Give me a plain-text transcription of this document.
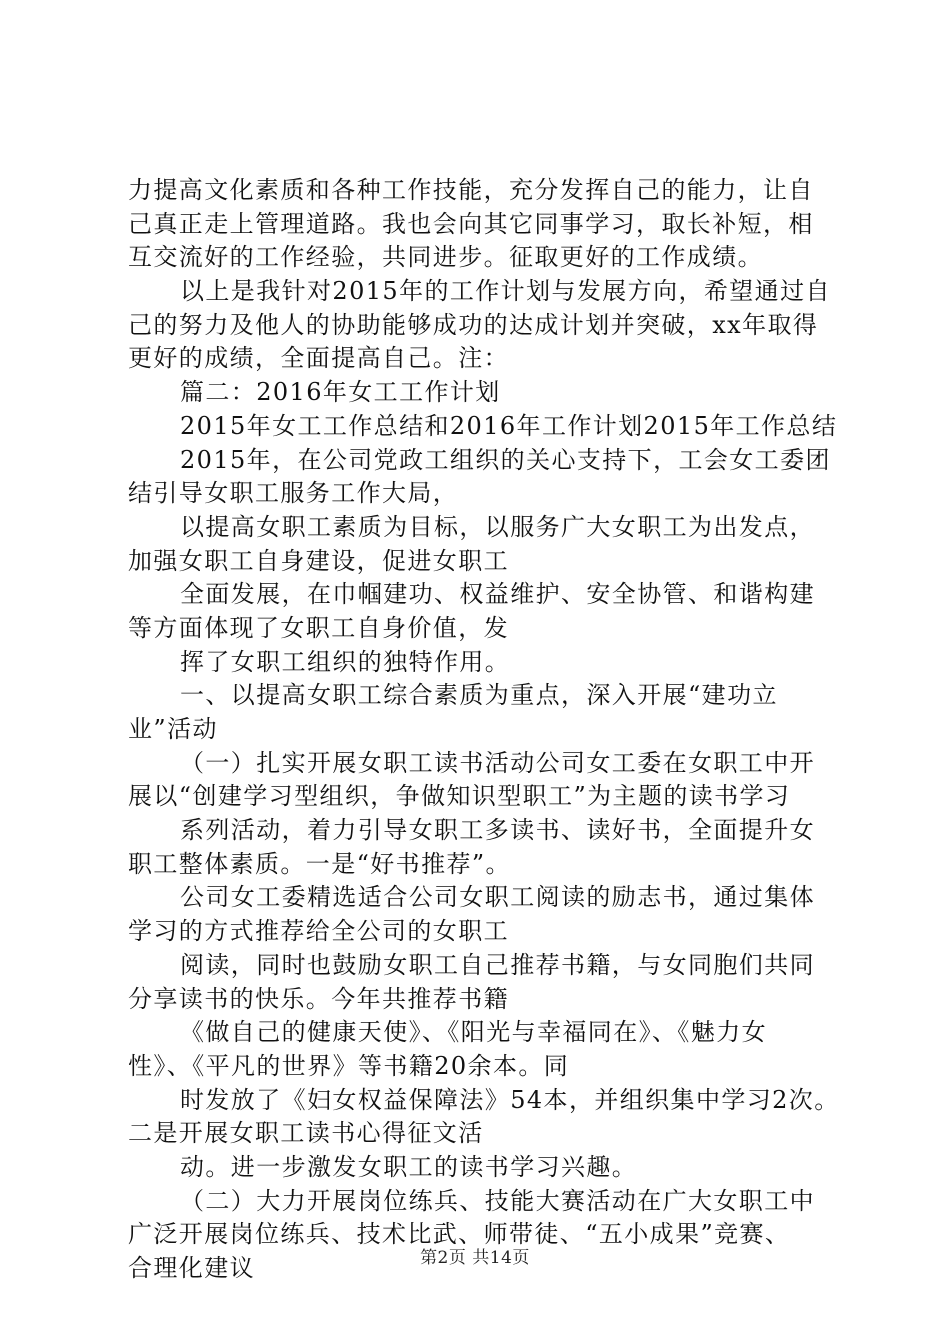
力提高文化素质和各种工作技能，充分发挥自己的能力，让自
己真正走上管理道路。我也会向其它同事学习，取长补短，相
互交流好的工作经验，共同进步。征取更好的工作成绩。
以上是我针对2015年的工作计划与发展方向，希望通过自
己的努力及他人的协助能够成功的达成计划并突破，xx年取得
更好的成绩，全面提高自己。注：
篇二：2016年女工工作计划
2015年女工工作总结和2016年工作计划2015年工作总结
2015年，在公司党政工组织的关心支持下，工会女工委团
结引导女职工服务工作大局，
以提高女职工素质为目标，以服务广大女职工为出发点，
加强女职工自身建设，促进女职工
全面发展，在巾帼建功、权益维护、安全协管、和谐构建
等方面体现了女职工自身价值，发
挥了女职工组织的独特作用。
一、以提高女职工综合素质为重点，深入开展“建功立
业”活动
（一）扎实开展女职工读书活动公司女工委在女职工中开
展以“创建学习型组织，争做知识型职工”为主题的读书学习
系列活动，着力引导女职工多读书、读好书，全面提升女
职工整体素质。一是“好书推荐”。
公司女工委精选适合公司女职工阅读的励志书，通过集体
学习的方式推荐给全公司的女职工
阅读，同时也鼓励女职工自己推荐书籍，与女同胞们共同
分享读书的快乐。今年共推荐书籍
《做自己的健康天使》、《阳光与幸福同在》、《魅力女
性》、《平凡的世界》等书籍20余本。同
时发放了《妇女权益保障法》54本，并组织集中学习2次。
二是开展女职工读书心得征文活
动。进一步激发女职工的读书学习兴趣。
（二）大力开展岗位练兵、技能大赛活动在广大女职工中
广泛开展岗位练兵、技术比武、师带徒、“五小成果”竞赛、
合理化建议	第2页 共14页
